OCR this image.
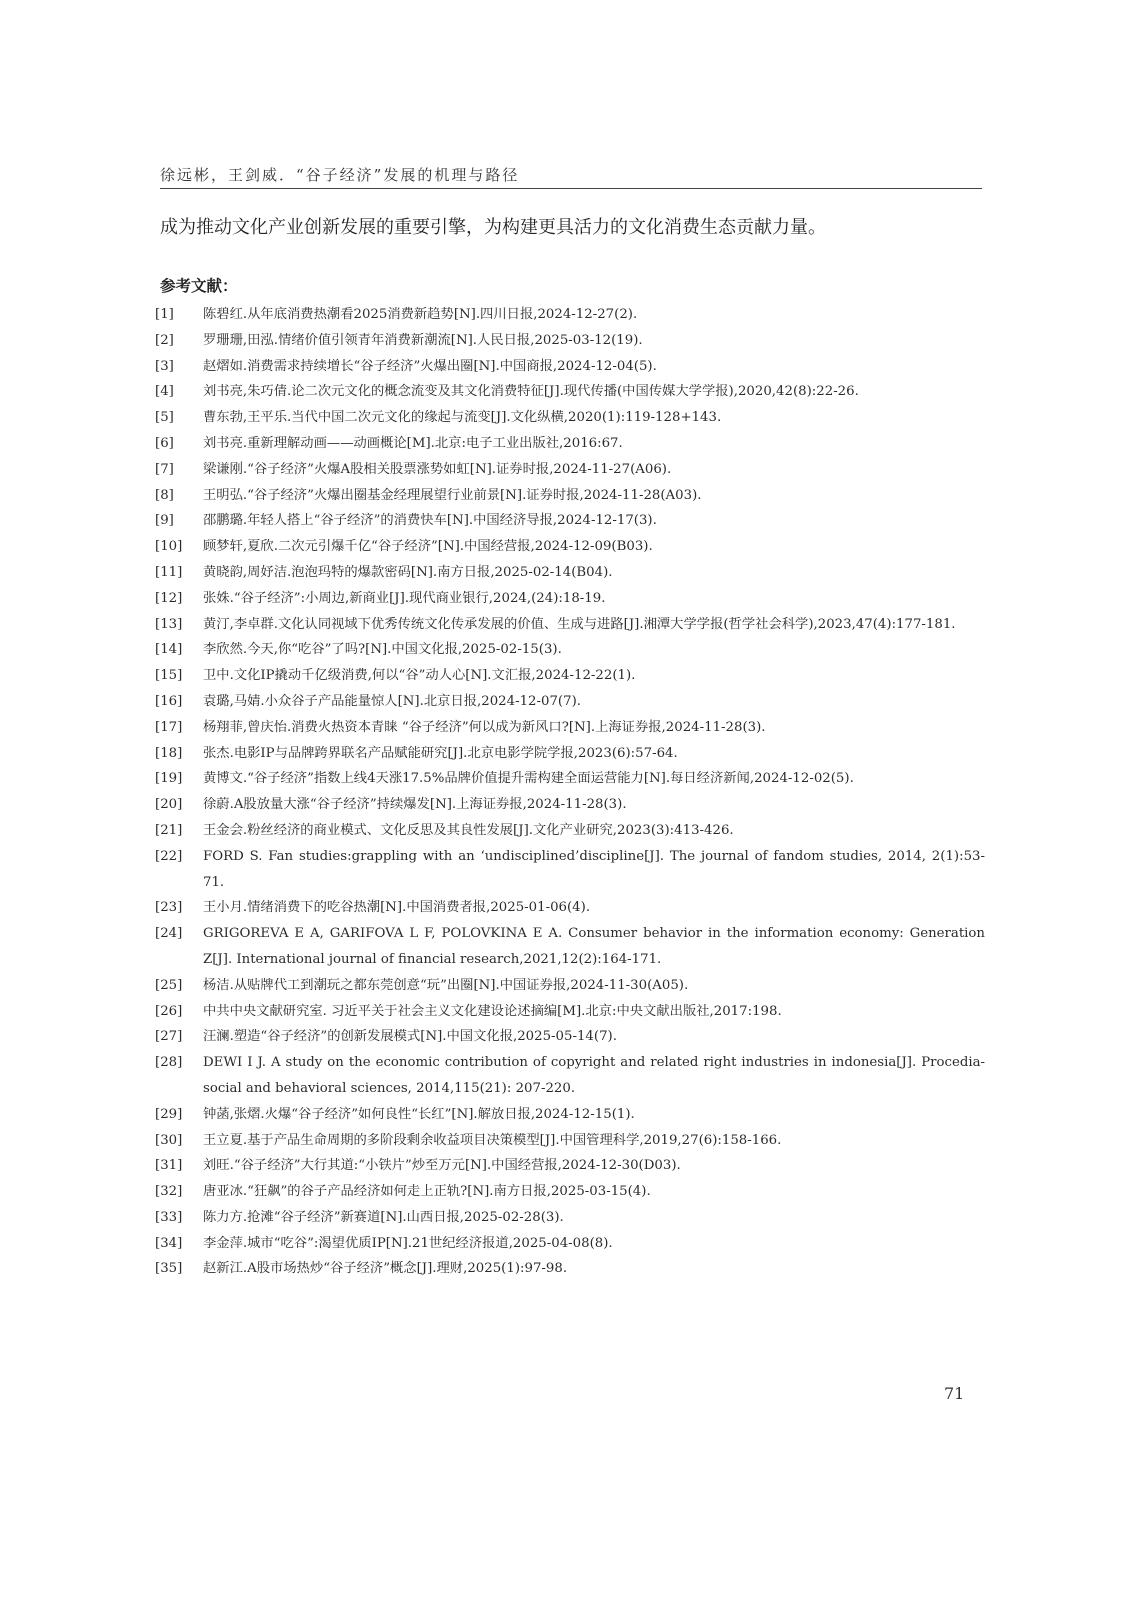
徐远彬，王剑威．“谷子经济”发展的机理与路径

成为推动文化产业创新发展的重要引擎，为构建更具活力的文化消费生态贡献力量。

参考文献：
[1]	陈碧红.从年底消费热潮看2025消费新趋势[N].四川日报,2024-12-27(2).
[2]	罗珊珊,田泓.情绪价值引领青年消费新潮流[N].人民日报,2025-03-12(19).
[3]	赵熠如.消费需求持续增长“谷子经济”火爆出圈[N].中国商报,2024-12-04(5).
[4]	刘书亮,朱巧倩.论二次元文化的概念流变及其文化消费特征[J].现代传播(中国传媒大学学报),2020,42(8):22-26.
[5]	曹东勃,王平乐.当代中国二次元文化的缘起与流变[J].文化纵横,2020(1):119-128+143.
[6]	刘书亮.重新理解动画——动画概论[M].北京:电子工业出版社,2016:67.
[7]	梁谦刚.“谷子经济”火爆A股相关股票涨势如虹[N].证券时报,2024-11-27(A06).
[8]	王明弘.“谷子经济”火爆出圈基金经理展望行业前景[N].证券时报,2024-11-28(A03).
[9]	邵鹏璐.年轻人搭上“谷子经济”的消费快车[N].中国经济导报,2024-12-17(3).
[10]	顾梦轩,夏欣.二次元引爆千亿“谷子经济”[N].中国经营报,2024-12-09(B03).
[11]	黄晓韵,周妤洁.泡泡玛特的爆款密码[N].南方日报,2025-02-14(B04).
[12]	张姝.“谷子经济”:小周边,新商业[J].现代商业银行,2024,(24):18-19.
[13]	黄汀,李卓群.文化认同视域下优秀传统文化传承发展的价值、生成与进路[J].湘潭大学学报(哲学社会科学),2023,47(4):177-181.
[14]	李欣然.今天,你“吃谷”了吗?[N].中国文化报,2025-02-15(3).
[15]	卫中.文化IP撬动千亿级消费,何以“谷”动人心[N].文汇报,2024-12-22(1).
[16]	袁璐,马婧.小众谷子产品能量惊人[N].北京日报,2024-12-07(7).
[17]	杨翔菲,曾庆怡.消费火热资本青睐 “谷子经济”何以成为新风口?[N].上海证券报,2024-11-28(3).
[18]	张杰.电影IP与品牌跨界联名产品赋能研究[J].北京电影学院学报,2023(6):57-64.
[19]	黄博文.“谷子经济”指数上线4天涨17.5%品牌价值提升需构建全面运营能力[N].每日经济新闻,2024-12-02(5).
[20]	徐蔚.A股放量大涨“谷子经济”持续爆发[N].上海证券报,2024-11-28(3).
[21]	王金会.粉丝经济的商业模式、文化反思及其良性发展[J].文化产业研究,2023(3):413-426.
[22]	FORD S. Fan studies:grappling with an ‘undisciplined’discipline[J]. The journal of fandom studies, 2014, 2(1):53-71.
[23]	王小月.情绪消费下的吃谷热潮[N].中国消费者报,2025-01-06(4).
[24]	GRIGOREVA E A, GARIFOVA L F, POLOVKINA E A. Consumer behavior in the information economy: Generation Z[J]. International journal of financial research,2021,12(2):164-171.
[25]	杨洁.从贴牌代工到潮玩之都东莞创意“玩”出圈[N].中国证券报,2024-11-30(A05).
[26]	中共中央文献研究室. 习近平关于社会主义文化建设论述摘编[M].北京:中央文献出版社,2017:198.
[27]	汪澜.塑造“谷子经济”的创新发展模式[N].中国文化报,2025-05-14(7).
[28]	DEWI I J. A study on the economic contribution of copyright and related right industries in indonesia[J]. Procedia-social and behavioral sciences, 2014,115(21): 207-220.
[29]	钟菡,张熠.火爆“谷子经济”如何良性“长红”[N].解放日报,2024-12-15(1).
[30]	王立夏.基于产品生命周期的多阶段剩余收益项目决策模型[J].中国管理科学,2019,27(6):158-166.
[31]	刘旺.“谷子经济”大行其道:“小铁片”炒至万元[N].中国经营报,2024-12-30(D03).
[32]	唐亚冰.“狂飙”的谷子产品经济如何走上正轨?[N].南方日报,2025-03-15(4).
[33]	陈力方.抢滩“谷子经济”新赛道[N].山西日报,2025-02-28(3).
[34]	李金萍.城市“吃谷”:渴望优质IP[N].21世纪经济报道,2025-04-08(8).
[35]	赵新江.A股市场热炒“谷子经济”概念[J].理财,2025(1):97-98.
71
